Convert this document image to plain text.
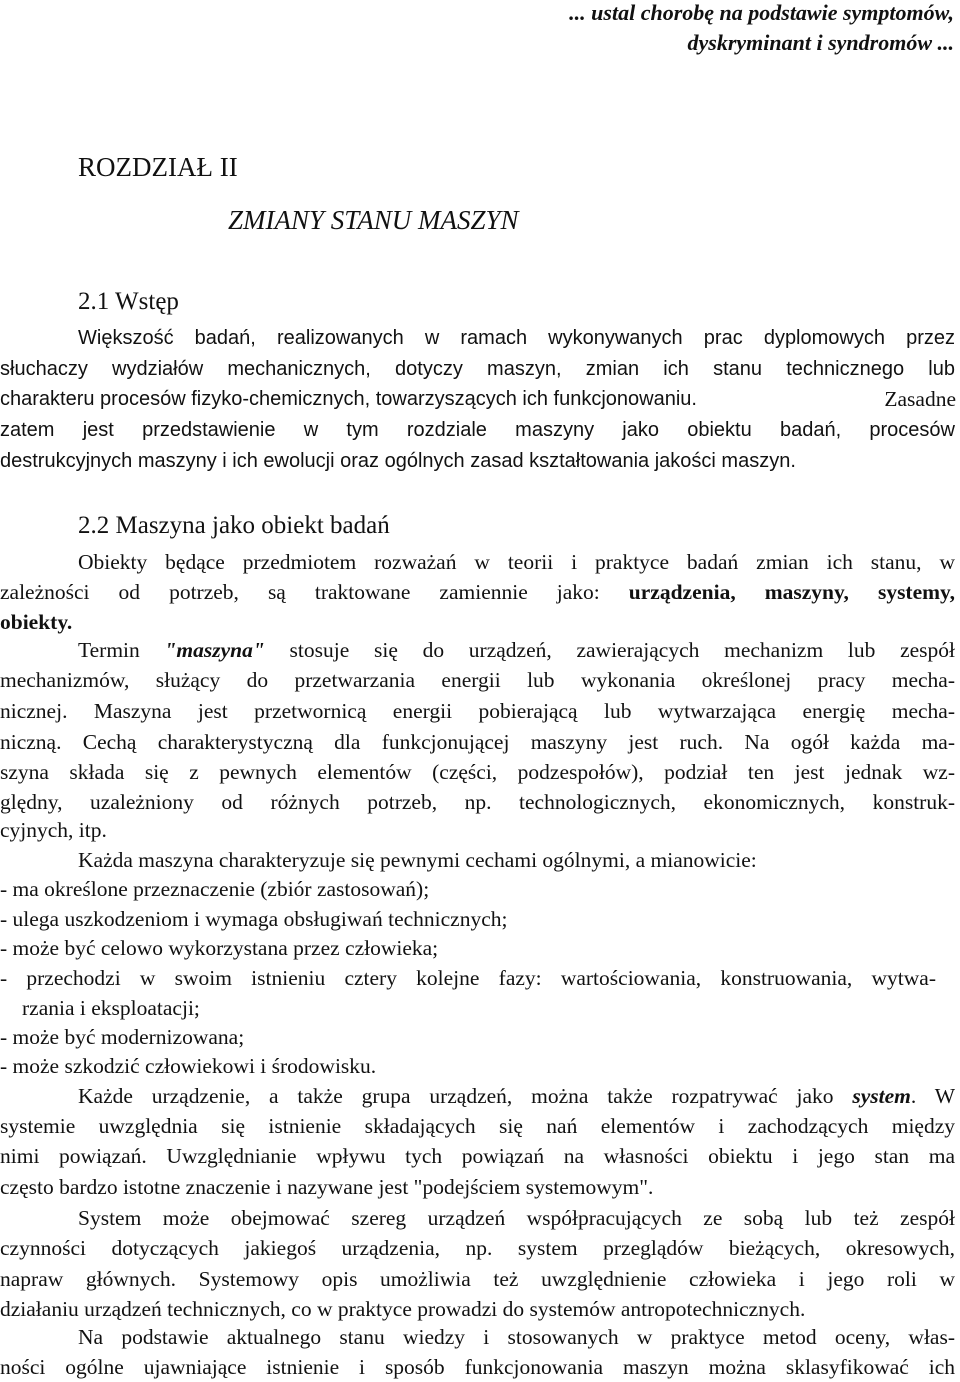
... ustal chorobę na podstawie symptomów,
dyskryminant i syndromów ...
ROZDZIAŁ II
ZMIANY STANU MASZYN
2.1 Wstęp
Większość badań, realizowanych w ramach wykonywanych prac dyplomowych przez
słuchaczy wydziałów mechanicznych, dotyczy maszyn, zmian ich stanu technicznego lub
charakteru procesów fizyko-chemicznych, towarzyszących ich funkcjonowaniu.	Zasadne
zatem jest przedstawienie w tym rozdziale maszyny jako obiektu badań, procesów
destrukcyjnych maszyny i ich ewolucji oraz ogólnych zasad kształtowania jakości maszyn.
2.2 Maszyna jako obiekt badań
Obiekty będące przedmiotem rozważań w teorii i praktyce badań zmian ich stanu, w
zależności od potrzeb, są traktowane zamiennie jako: urządzenia, maszyny, systemy,
obiekty.
Termin "maszyna" stosuje się do urządzeń, zawierających mechanizm lub zespół
mechanizmów, służący do przetwarzania energii lub wykonania określonej pracy mecha-
nicznej. Maszyna jest przetwornicą energii pobierającą lub wytwarzająca energię mecha-
niczną. Cechą charakterystyczną dla funkcjonującej maszyny jest ruch. Na ogół każda ma-
szyna składa się z pewnych elementów (części, podzespołów), podział ten jest jednak wz-
ględny, uzależniony od różnych potrzeb, np. technologicznych, ekonomicznych, konstruk-
cyjnych, itp.
Każda maszyna charakteryzuje się pewnymi cechami ogólnymi, a mianowicie:
- ma określone przeznaczenie (zbiór zastosowań);
- ulega uszkodzeniom i wymaga obsługiwań technicznych;
- może być celowo wykorzystana przez człowieka;
- przechodzi w swoim istnieniu cztery kolejne fazy: wartościowania, konstruowania, wytwa-
rzania i eksploatacji;
- może być modernizowana;
- może szkodzić człowiekowi i środowisku.
Każde urządzenie, a także grupa urządzeń, można także rozpatrywać jako system. W
systemie uwzględnia się istnienie składających się nań elementów i zachodzących między
nimi powiązań. Uwzględnianie wpływu tych powiązań na własności obiektu i jego stan ma
często bardzo istotne znaczenie i nazywane jest "podejściem systemowym".
System może obejmować szereg urządzeń współpracujących ze sobą lub też zespół
czynności dotyczących jakiegoś urządzenia, np. system przeglądów bieżących, okresowych,
napraw głównych. Systemowy opis umożliwia też uwzględnienie człowieka i jego roli w
działaniu urządzeń technicznych, co w praktyce prowadzi do systemów antropotechnicznych.
Na podstawie aktualnego stanu wiedzy i stosowanych w praktyce metod oceny, włas-
ności ogólne ujawniające istnienie i sposób funkcjonowania maszyn można sklasyfikować ich
